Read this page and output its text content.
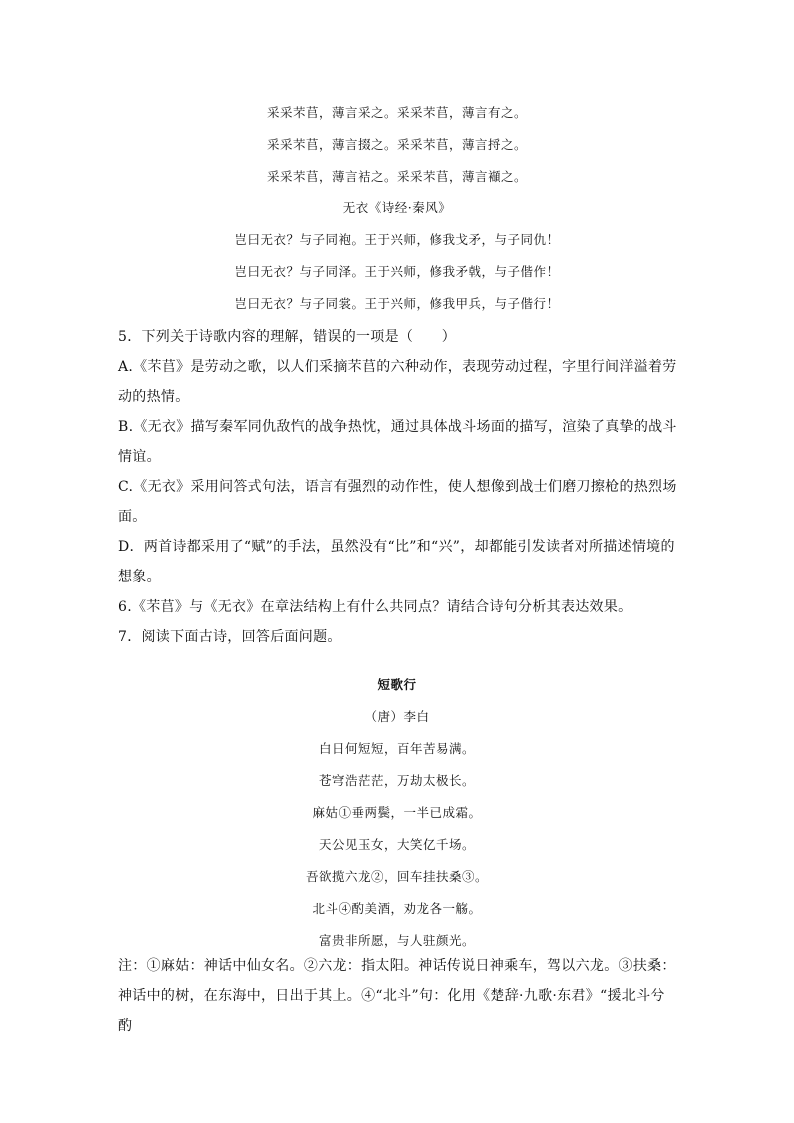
采采芣苢，薄言采之。采采芣苢，薄言有之。
采采芣苢，薄言掇之。采采芣苢，薄言捋之。
采采芣苢，薄言袺之。采采芣苢，薄言襭之。
无衣《诗经·秦风》
岂曰无衣？与子同袍。王于兴师，修我戈矛，与子同仇！
岂曰无衣？与子同泽。王于兴师，修我矛戟，与子偕作！
岂曰无衣？与子同裳。王于兴师，修我甲兵，与子偕行！

5．下列关于诗歌内容的理解，错误的一项是（　　）

A.《芣苢》是劳动之歌，以人们采摘芣苢的六种动作，表现劳动过程，字里行间洋溢着劳动的热情。

B.《无衣》描写秦军同仇敌忾的战争热忱，通过具体战斗场面的描写，渲染了真挚的战斗情谊。

C.《无衣》采用问答式句法，语言有强烈的动作性，使人想像到战士们磨刀擦枪的热烈场面。

D．两首诗都采用了“赋”的手法，虽然没有“比”和“兴”，却都能引发读者对所描述情境的想象。

6.《芣苢》与《无衣》在章法结构上有什么共同点？请结合诗句分析其表达效果。

7．阅读下面古诗，回答后面问题。

短歌行
（唐）李白
白日何短短，百年苦易满。
苍穹浩茫茫，万劫太极长。
麻姑①垂两鬓，一半已成霜。
天公见玉女，大笑亿千场。
吾欲揽六龙②，回车挂扶桑③。
北斗④酌美酒，劝龙各一觞。
富贵非所愿，与人驻颜光。

注：①麻姑：神话中仙女名。②六龙：指太阳。神话传说日神乘车，驾以六龙。③扶桑：神话中的树，在东海中，日出于其上。④“北斗”句：化用《楚辞·九歌·东君》“援北斗兮酌
